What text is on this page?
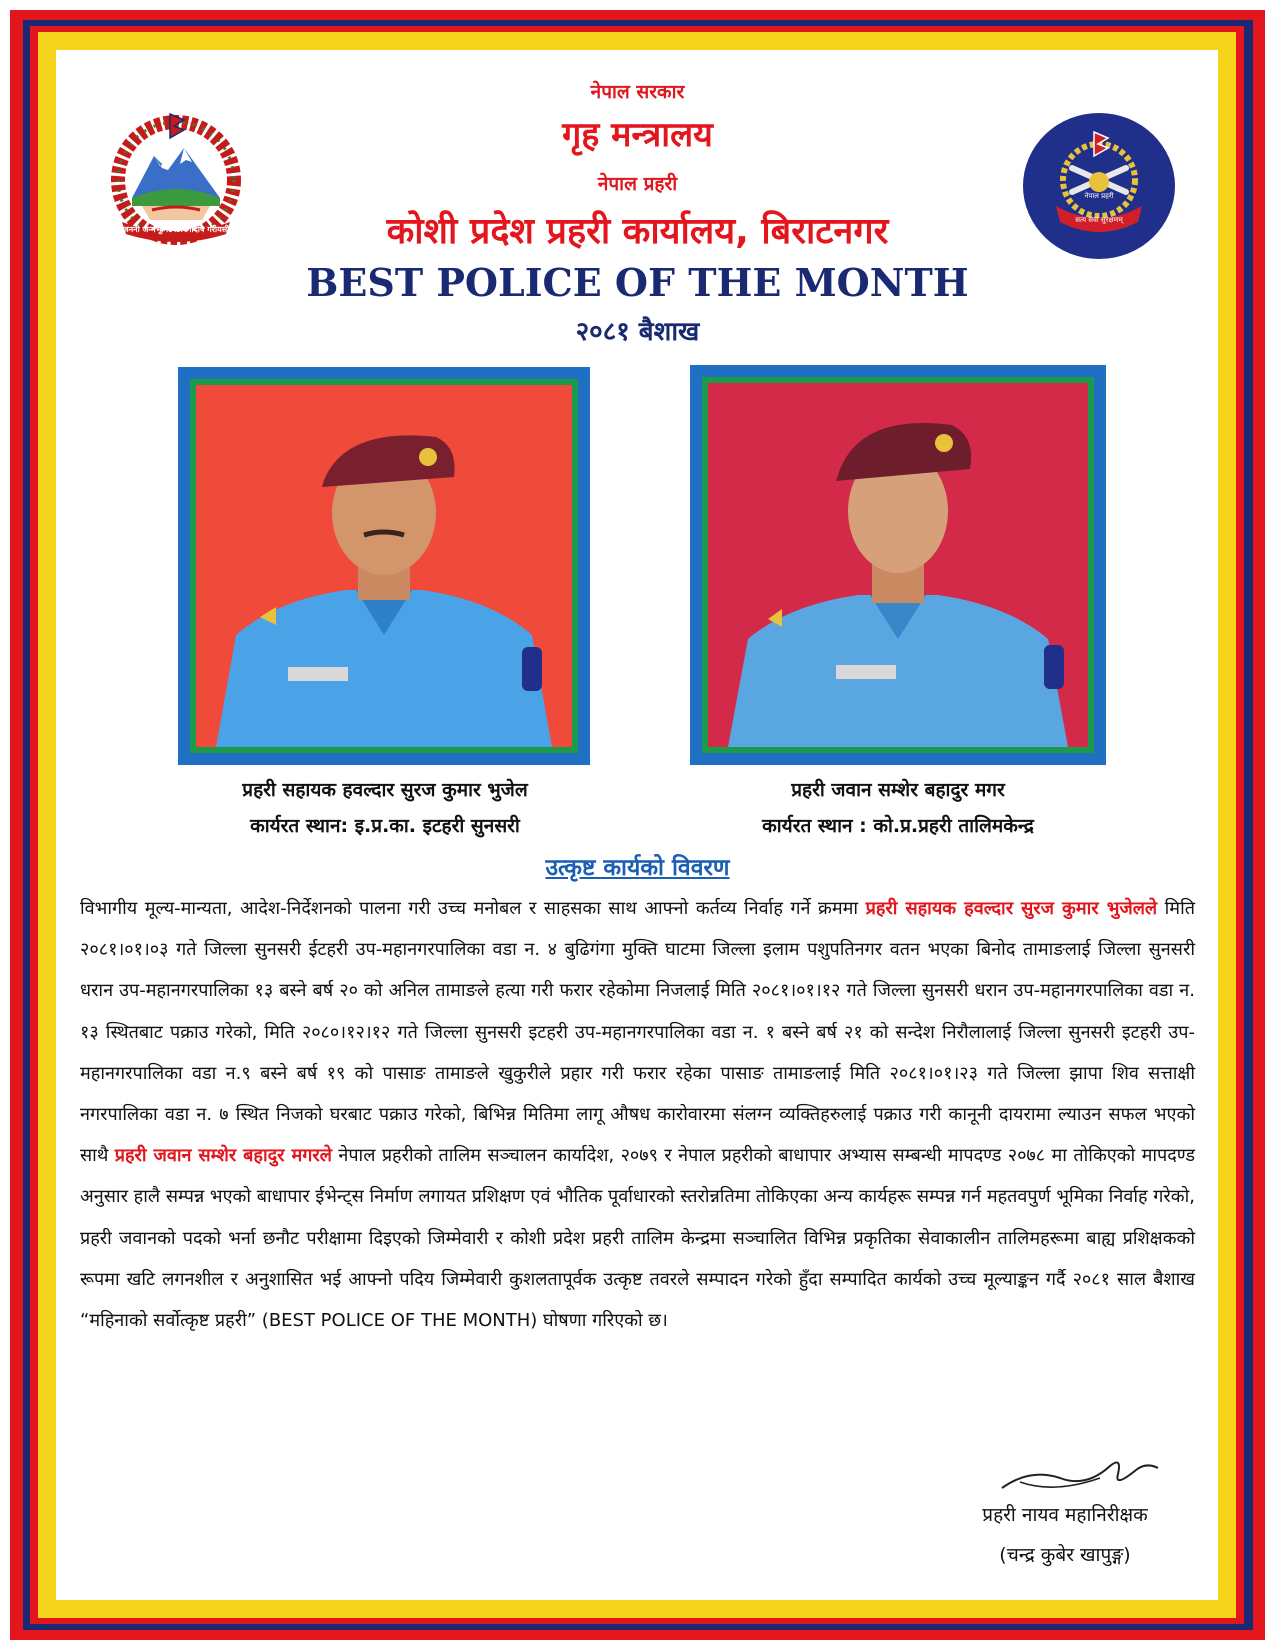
जननी जन्मभूमिश्च स्वर्गादपि गरीयसी
नेपाल प्रहरी
सत्य सेवा सुरक्षणम्
नेपाल सरकार
गृह मन्त्रालय
नेपाल प्रहरी
कोशी प्रदेश प्रहरी कार्यालय, बिराटनगर
BEST POLICE OF THE MONTH
२०८१ बैशाख
प्रहरी सहायक हवल्दार सुरज कुमार भुजेल
कार्यरत स्थान: इ.प्र.का. इटहरी सुनसरी
प्रहरी जवान सम्शेर बहादुर मगर
कार्यरत स्थान : को.प्र.प्रहरी तालिमकेन्द्र
उत्कृष्ट कार्यको विवरण
विभागीय मूल्य-मान्यता, आदेश-निर्देशनको पालना गरी उच्च मनोबल र साहसका साथ आफ्नो कर्तव्य निर्वाह गर्ने क्रममा प्रहरी सहायक हवल्दार सुरज कुमार भुजेलले मिति २०८१।०१।०३ गते जिल्ला सुनसरी ईटहरी उप-महानगरपालिका वडा न. ४ बुढिगंगा मुक्ति घाटमा जिल्ला इलाम पशुपतिनगर वतन भएका बिनोद तामाङलाई जिल्ला सुनसरी धरान उप-महानगरपालिका १३ बस्ने बर्ष २० को अनिल तामाङले हत्या गरी फरार रहेकोमा निजलाई मिति २०८१।०१।१२ गते जिल्ला सुनसरी धरान उप-महानगरपालिका वडा न. १३ स्थितबाट पक्राउ गरेको, मिति २०८०।१२।१२ गते जिल्ला सुनसरी इटहरी उप-महानगरपालिका वडा न. १ बस्ने बर्ष २१ को सन्देश निरौलालाई जिल्ला सुनसरी इटहरी उप-महानगरपालिका वडा न.९ बस्ने बर्ष १९ को पासाङ तामाङले खुकुरीले प्रहार गरी फरार रहेका पासाङ तामाङलाई मिति २०८१।०१।२३ गते जिल्ला झापा शिव सत्ताक्षी नगरपालिका वडा न. ७ स्थित निजको घरबाट पक्राउ गरेको, बिभिन्न मितिमा लागू औषध कारोवारमा संलग्न व्यक्तिहरुलाई पक्राउ गरी कानूनी दायरामा ल्याउन सफल भएको साथै प्रहरी जवान सम्शेर बहादुर मगरले नेपाल प्रहरीको तालिम सञ्चालन कार्यादेश, २०७९ र नेपाल प्रहरीको बाधापार अभ्यास सम्बन्धी मापदण्ड २०७८ मा तोकिएको मापदण्ड अनुसार हालै सम्पन्न भएको बाधापार ईभेन्ट्स निर्माण लगायत प्रशिक्षण एवं भौतिक पूर्वाधारको स्तरोन्नतिमा तोकिएका अन्य कार्यहरू सम्पन्न गर्न महतवपुर्ण भूमिका निर्वाह गरेको, प्रहरी जवानको पदको भर्ना छनौट परीक्षामा दिइएको जिम्मेवारी र कोशी प्रदेश प्रहरी तालिम केन्द्रमा सञ्चालित विभिन्न प्रकृतिका सेवाकालीन तालिमहरूमा बाह्य प्रशिक्षकको रूपमा खटि लगनशील र अनुशासित भई आफ्नो पदिय जिम्मेवारी कुशलतापूर्वक उत्कृष्ट तवरले सम्पादन गरेको हुँदा सम्पादित कार्यको उच्च मूल्याङ्कन गर्दै २०८१ साल बैशाख “महिनाको सर्वोत्कृष्ट प्रहरी” (BEST POLICE OF THE MONTH) घोषणा गरिएको छ।
प्रहरी नायव महानिरीक्षक
(चन्द्र कुबेर खापुङ्ग)
